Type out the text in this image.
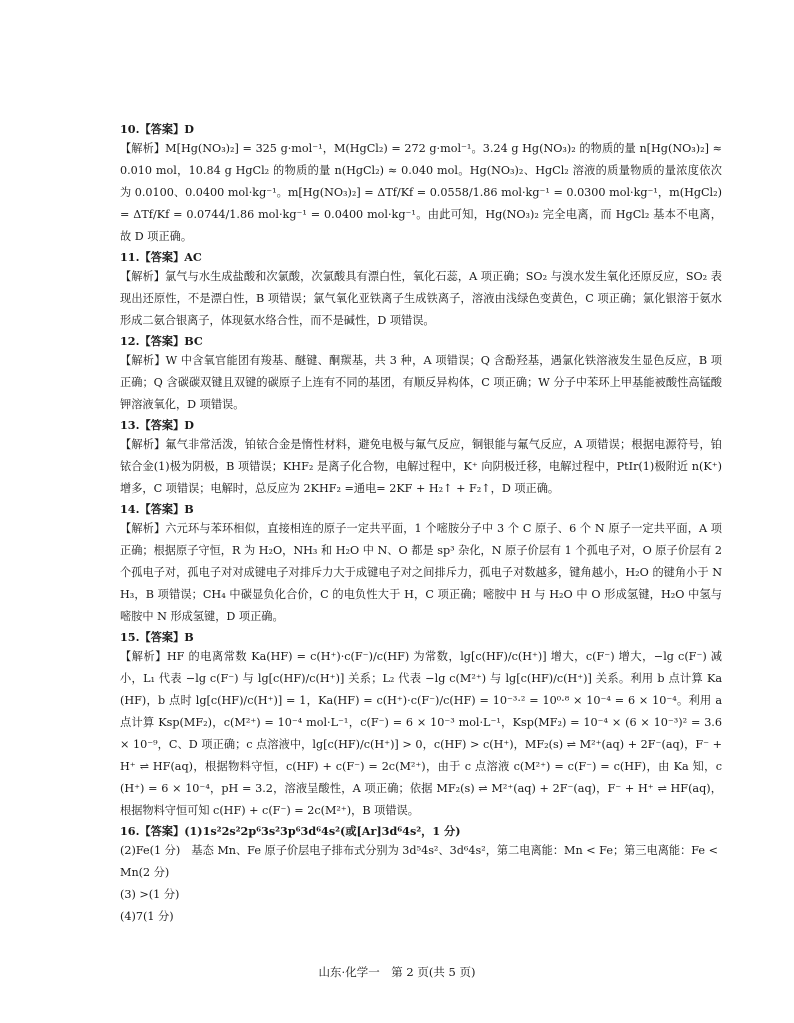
10.【答案】D

【解析】M[Hg(NO₃)₂] = 325 g·mol⁻¹，M(HgCl₂) = 272 g·mol⁻¹。3.24 g Hg(NO₃)₂ 的物质的量 n[Hg(NO₃)₂] ≈ 0.010 mol，10.84 g HgCl₂ 的物质的量 n(HgCl₂) ≈ 0.040 mol。Hg(NO₃)₂、HgCl₂ 溶液的质量物质的量浓度依次为 0.0100、0.0400 mol·kg⁻¹。m[Hg(NO₃)₂] = ΔTf/Kf = 0.0558/1.86 mol·kg⁻¹ = 0.0300 mol·kg⁻¹，m(HgCl₂) = ΔTf/Kf = 0.0744/1.86 mol·kg⁻¹ = 0.0400 mol·kg⁻¹。由此可知，Hg(NO₃)₂ 完全电离，而 HgCl₂ 基本不电离，故 D 项正确。

11.【答案】AC

【解析】氯气与水生成盐酸和次氯酸，次氯酸具有漂白性，氧化石蕊，A 项正确；SO₂ 与溴水发生氧化还原反应，SO₂ 表现出还原性，不是漂白性，B 项错误；氯气氧化亚铁离子生成铁离子，溶液由浅绿色变黄色，C 项正确；氯化银溶于氨水形成二氨合银离子，体现氨水络合性，而不是碱性，D 项错误。

12.【答案】BC

【解析】W 中含氧官能团有羧基、醚键、酮羰基，共 3 种，A 项错误；Q 含酚羟基，遇氯化铁溶液发生显色反应，B 项正确；Q 含碳碳双键且双键的碳原子上连有不同的基团，有顺反异构体，C 项正确；W 分子中苯环上甲基能被酸性高锰酸钾溶液氧化，D 项错误。

13.【答案】D

【解析】氟气非常活泼，铂铱合金是惰性材料，避免电极与氟气反应，铜银能与氟气反应，A 项错误；根据电源符号，铂铱合金(1)极为阴极，B 项错误；KHF₂ 是离子化合物，电解过程中，K⁺ 向阴极迁移，电解过程中，PtIr(1)极附近 n(K⁺) 增多，C 项错误；电解时，总反应为 2KHF₂ =通电= 2KF + H₂↑ + F₂↑，D 项正确。

14.【答案】B

【解析】六元环与苯环相似，直接相连的原子一定共平面，1 个嘧胺分子中 3 个 C 原子、6 个 N 原子一定共平面，A 项正确；根据原子守恒，R 为 H₂O，NH₃ 和 H₂O 中 N、O 都是 sp³ 杂化，N 原子价层有 1 个孤电子对，O 原子价层有 2 个孤电子对，孤电子对对成键电子对排斥力大于成键电子对之间排斥力，孤电子对数越多，键角越小，H₂O 的键角小于 NH₃，B 项错误；CH₄ 中碳显负化合价，C 的电负性大于 H，C 项正确；嘧胺中 H 与 H₂O 中 O 形成氢键，H₂O 中氢与嘧胺中 N 形成氢键，D 项正确。

15.【答案】B

【解析】HF 的电离常数 Ka(HF) = c(H⁺)·c(F⁻)/c(HF) 为常数，lg[c(HF)/c(H⁺)] 增大，c(F⁻) 增大，−lg c(F⁻) 减小，L₁ 代表 −lg c(F⁻) 与 lg[c(HF)/c(H⁺)] 关系；L₂ 代表 −lg c(M²⁺) 与 lg[c(HF)/c(H⁺)] 关系。利用 b 点计算 Ka(HF)，b 点时 lg[c(HF)/c(H⁺)] = 1，Ka(HF) = c(H⁺)·c(F⁻)/c(HF) = 10⁻³·² = 10⁰·⁸ × 10⁻⁴ = 6 × 10⁻⁴。利用 a 点计算 Ksp(MF₂)，c(M²⁺) = 10⁻⁴ mol·L⁻¹，c(F⁻) = 6 × 10⁻³ mol·L⁻¹，Ksp(MF₂) = 10⁻⁴ × (6 × 10⁻³)² = 3.6 × 10⁻⁹，C、D 项正确；c 点溶液中，lg[c(HF)/c(H⁺)] > 0，c(HF) > c(H⁺)，MF₂(s) ⇌ M²⁺(aq) + 2F⁻(aq)，F⁻ + H⁺ ⇌ HF(aq)，根据物料守恒，c(HF) + c(F⁻) = 2c(M²⁺)，由于 c 点溶液 c(M²⁺) = c(F⁻) = c(HF)，由 Ka 知，c(H⁺) = 6 × 10⁻⁴，pH = 3.2，溶液呈酸性，A 项正确；依据 MF₂(s) ⇌ M²⁺(aq) + 2F⁻(aq)，F⁻ + H⁺ ⇌ HF(aq)，根据物料守恒可知 c(HF) + c(F⁻) = 2c(M²⁺)，B 项错误。

16.【答案】(1)1s²2s²2p⁶3s²3p⁶3d⁶4s²(或[Ar]3d⁶4s²，1 分)

(2)Fe(1 分)　基态 Mn、Fe 原子价层电子排布式分别为 3d⁵4s²、3d⁶4s²，第二电离能：Mn < Fe；第三电离能：Fe < Mn(2 分)

(3) >(1 分)

(4)7(1 分)

山东·化学一　第 2 页(共 5 页)
